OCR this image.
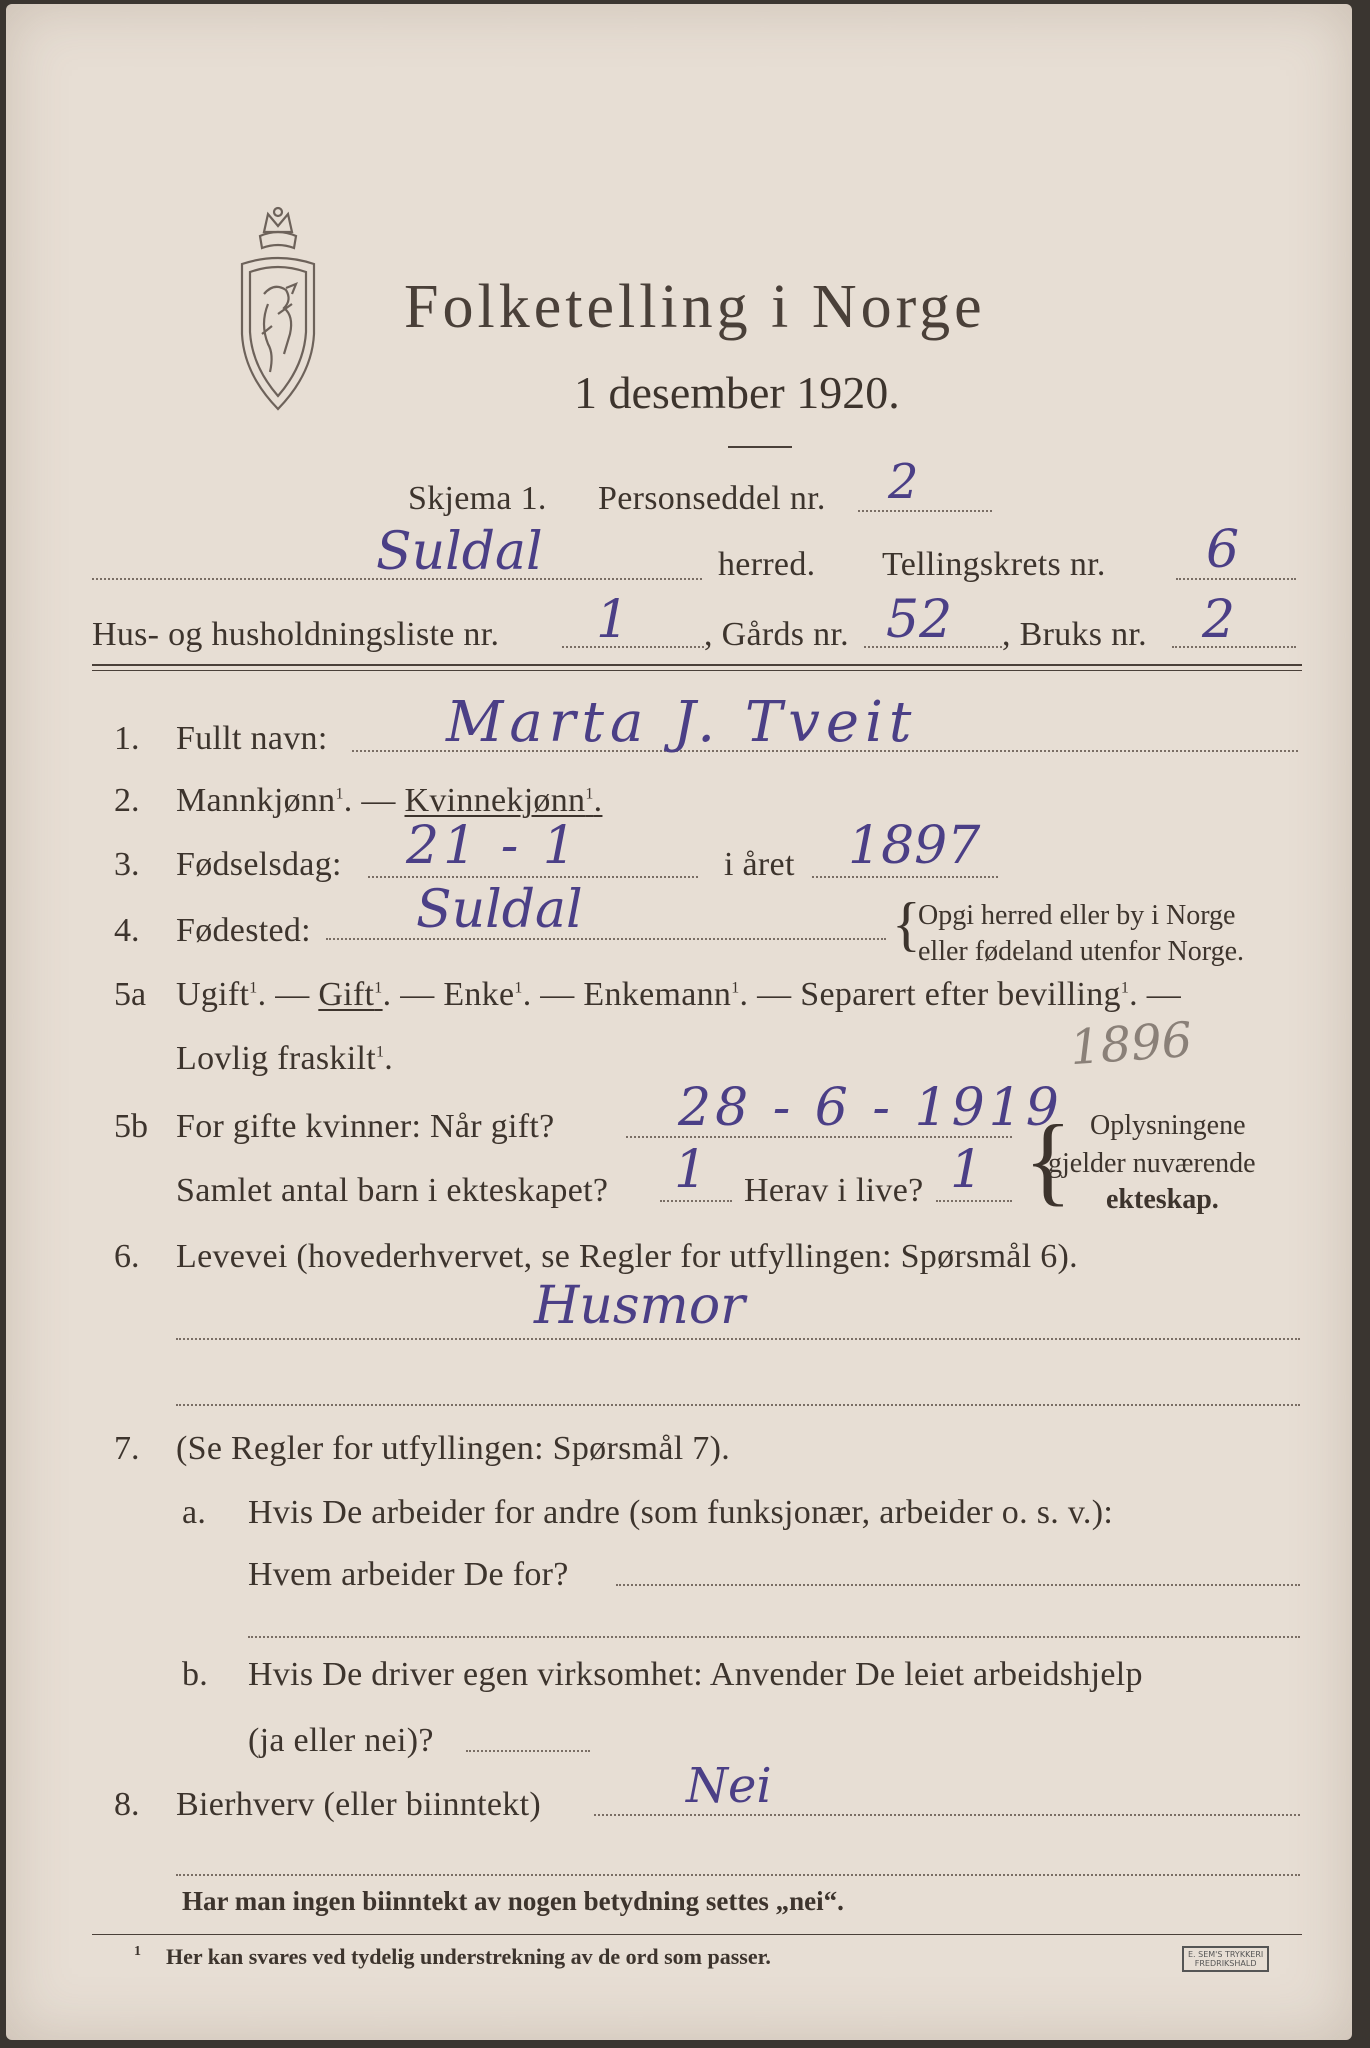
Folketelling i Norge
1 desember 1920.
Skjema 1. Personseddel nr. 2
Suldal	herred. Tellingskrets nr. 6
Hus- og husholdningsliste nr. 1 , Gårds nr. 52 , Bruks nr. 2
1. Fullt navn: Marta J. Tveit
2. Mannkjønn$^1$. — Kvinnekjønn$^1$.
3. Fødselsdag: 21 - 1	i året 1897
4. Fødested: Suldal	{
Opgi herred eller by i Norge
eller fødeland utenfor Norge.
5a Ugift$^1$. — Gift$^1$. — Enke$^1$. — Enkemann$^1$. — Separert efter bevilling$^1$. —
Lovlig fraskilt$^1$.	1896
5b For gifte kvinner: Når gift? 28 - 6 - 1919
Samlet antal barn i ekteskapet? 1 Herav i live? 1 { Oplysningene
gjelder nuværende
ekteskap.
6. Levevei (hovederhvervet, se Regler for utfyllingen: Spørsmål 6).
Husmor
7. (Se Regler for utfyllingen: Spørsmål 7).
a. Hvis De arbeider for andre (som funksjonær, arbeider o. s. v.):
Hvem arbeider De for?
b. Hvis De driver egen virksomhet: Anvender De leiet arbeidshjelp
(ja eller nei)?
8. Bierhverv (eller biinntekt)	Nei
Har man ingen biinntekt av nogen betydning settes „nei“.
1 Her kan svares ved tydelig understrekning av de ord som passer.	E. SEM'S TRYKKERI
FREDRIKSHALD
